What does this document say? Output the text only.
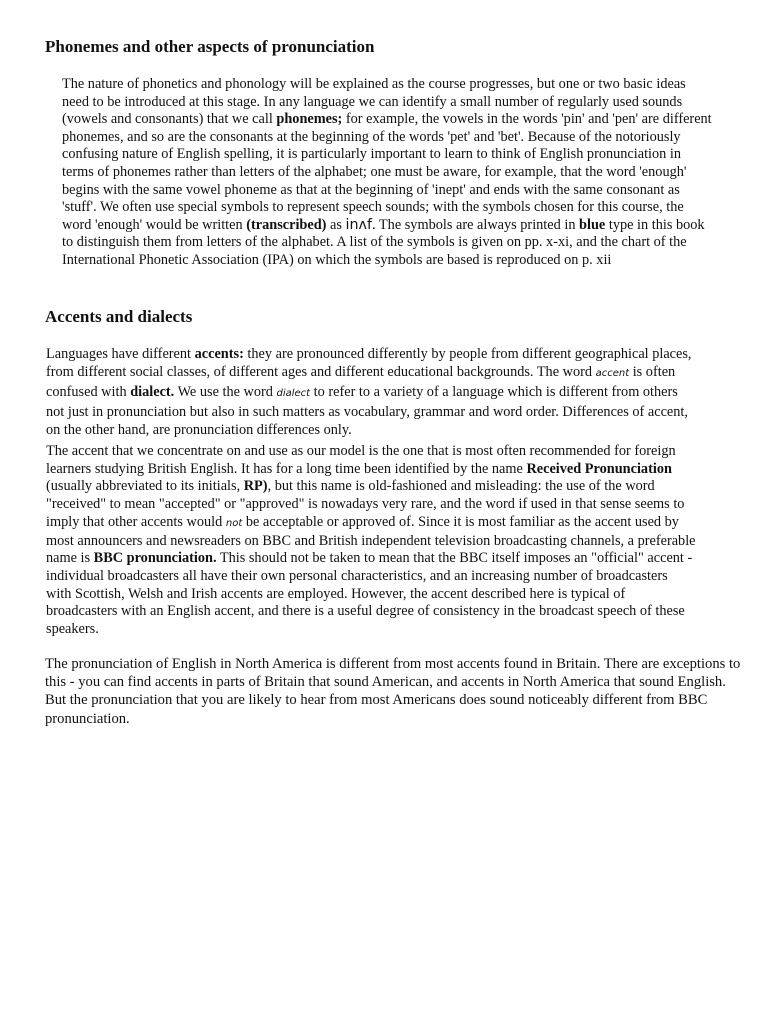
Phonemes and other aspects of pronunciation

The nature of phonetics and phonology will be explained as the course progresses, but one or two basic ideas need to be introduced at this stage. In any language we can identify a small number of regularly used sounds (vowels and consonants) that we call phonemes; for example, the vowels in the words 'pin' and 'pen' are different phonemes, and so are the consonants at the beginning of the words 'pet' and 'bet'. Because of the notoriously confusing nature of English spelling, it is particularly important to learn to think of English pronunciation in terms of phonemes rather than letters of the alphabet; one must be aware, for example, that the word 'enough' begins with the same vowel phoneme as that at the beginning of 'inept' and ends with the same consonant as 'stuff'. We often use special symbols to represent speech sounds; with the symbols chosen for this course, the word 'enough' would be written (transcribed) as inʌf. The symbols are always printed in blue type in this book to distinguish them from letters of the alphabet. A list of the symbols is given on pp. x-xi, and the chart of the International Phonetic Association (IPA) on which the symbols are based is reproduced on p. xii

Accents and dialects

Languages have different accents: they are pronounced differently by people from different geographical places, from different social classes, of different ages and different educational backgrounds. The word accent is often confused with dialect. We use the word dialect to refer to a variety of a language which is different from others not just in pronunciation but also in such matters as vocabulary, grammar and word order. Differences of accent, on the other hand, are pronunciation differences only.

The accent that we concentrate on and use as our model is the one that is most often recommended for foreign learners studying British English. It has for a long time been identified by the name Received Pronunciation (usually abbreviated to its initials, RP), but this name is old-fashioned and misleading: the use of the word "received" to mean "accepted" or "approved" is nowadays very rare, and the word if used in that sense seems to imply that other accents would not be acceptable or approved of. Since it is most familiar as the accent used by most announcers and newsreaders on BBC and British independent television broadcasting channels, a preferable name is BBC pronunciation. This should not be taken to mean that the BBC itself imposes an "official" accent - individual broadcasters all have their own personal characteristics, and an increasing number of broadcasters with Scottish, Welsh and Irish accents are employed. However, the accent described here is typical of broadcasters with an English accent, and there is a useful degree of consistency in the broadcast speech of these speakers.

The pronunciation of English in North America is different from most accents found in Britain. There are exceptions to this - you can find accents in parts of Britain that sound American, and accents in North America that sound English. But the pronunciation that you are likely to hear from most Americans does sound noticeably different from BBC pronunciation.
